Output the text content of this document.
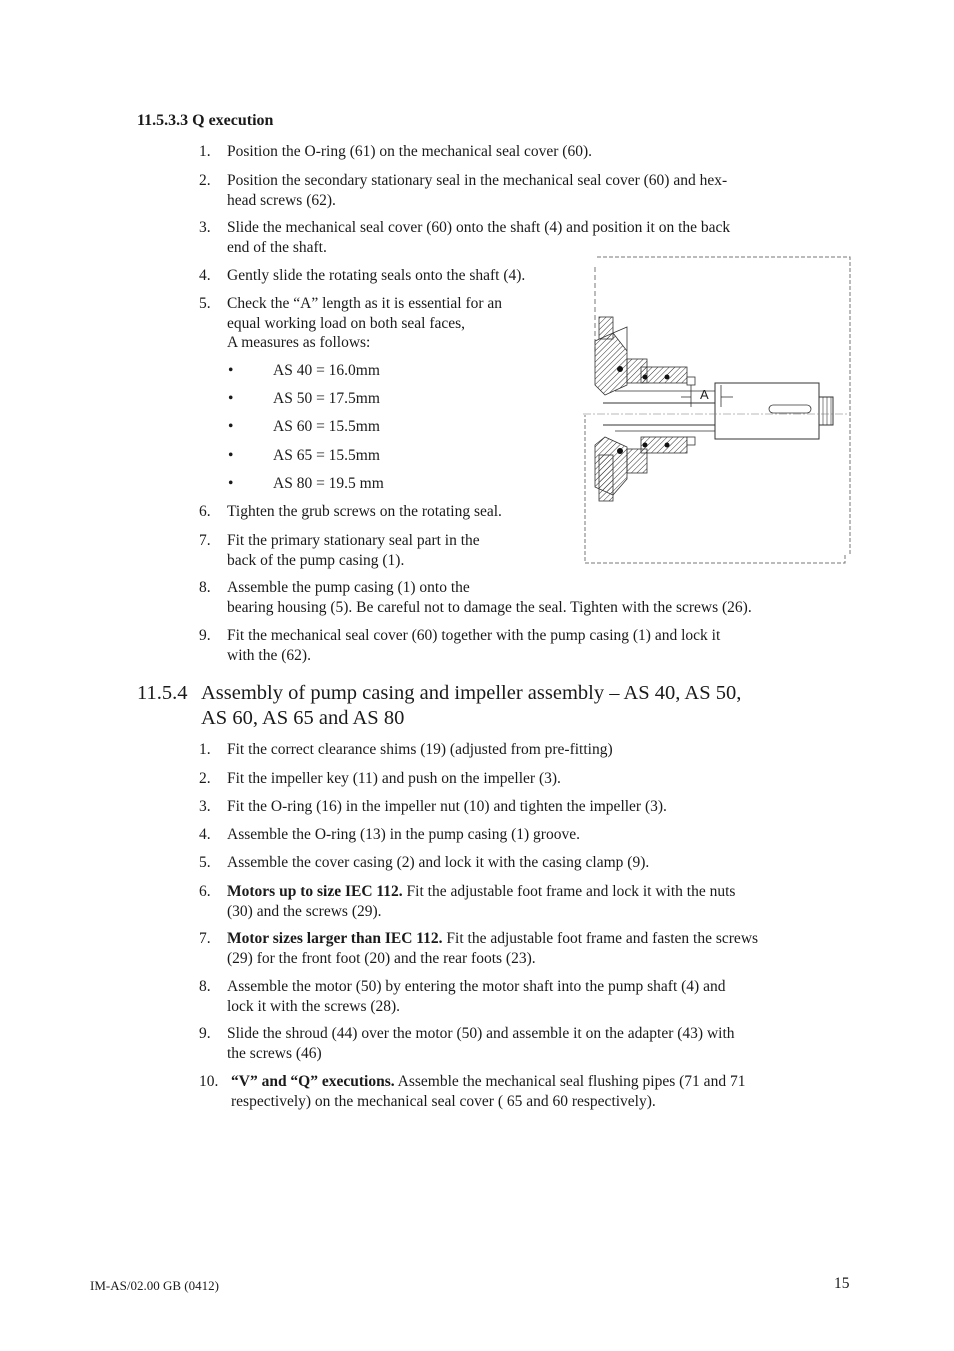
11.5.3.3 Q execution
1. Position the O-ring (61) on the mechanical seal cover (60).
2. Position the secondary stationary seal in the mechanical seal cover (60) and hex-
head screws (62).
3. Slide the mechanical seal cover (60) onto the shaft (4) and position it on the back
end of the shaft.
4. Gently slide the rotating seals onto the shaft (4).
5. Check the “A” length as it is essential for an
equal working load on both seal faces,
A measures as follows:
•	AS 40 = 16.0mm
•	AS 50 = 17.5mm
•	AS 60 = 15.5mm
•	AS 65 = 15.5mm
•	AS 80 = 19.5 mm
6. Tighten the grub screws on the rotating seal.
7. Fit the primary stationary seal part in the
back of the pump casing (1).
8. Assemble the pump casing (1) onto the
bearing housing (5). Be careful not to damage the seal. Tighten with the screws (26).
9. Fit the mechanical seal cover (60) together with the pump casing (1) and lock it
with the (62).
A
11.5.4 Assembly of pump casing and impeller assembly – AS 40, AS 50,
AS 60, AS 65 and AS 80
1. Fit the correct clearance shims (19) (adjusted from pre-fitting)
2. Fit the impeller key (11) and push on the impeller (3).
3. Fit the O-ring (16) in the impeller nut (10) and tighten the impeller (3).
4. Assemble the O-ring (13) in the pump casing (1) groove.
5. Assemble the cover casing (2) and lock it with the casing clamp (9).
6. Motors up to size IEC 112. Fit the adjustable foot frame and lock it with the nuts
(30) and the screws (29).
7. Motor sizes larger than IEC 112. Fit the adjustable foot frame and fasten the screws
(29) for the front foot (20) and the rear foots (23).
8. Assemble the motor (50) by entering the motor shaft into the pump shaft (4) and
lock it with the screws (28).
9. Slide the shroud (44) over the motor (50) and assemble it on the adapter (43) with
the screws (46)
10. “V” and “Q” executions. Assemble the mechanical seal flushing pipes (71 and 71
respectively) on the mechanical seal cover ( 65 and 60 respectively).
IM-AS/02.00 GB (0412)	15
